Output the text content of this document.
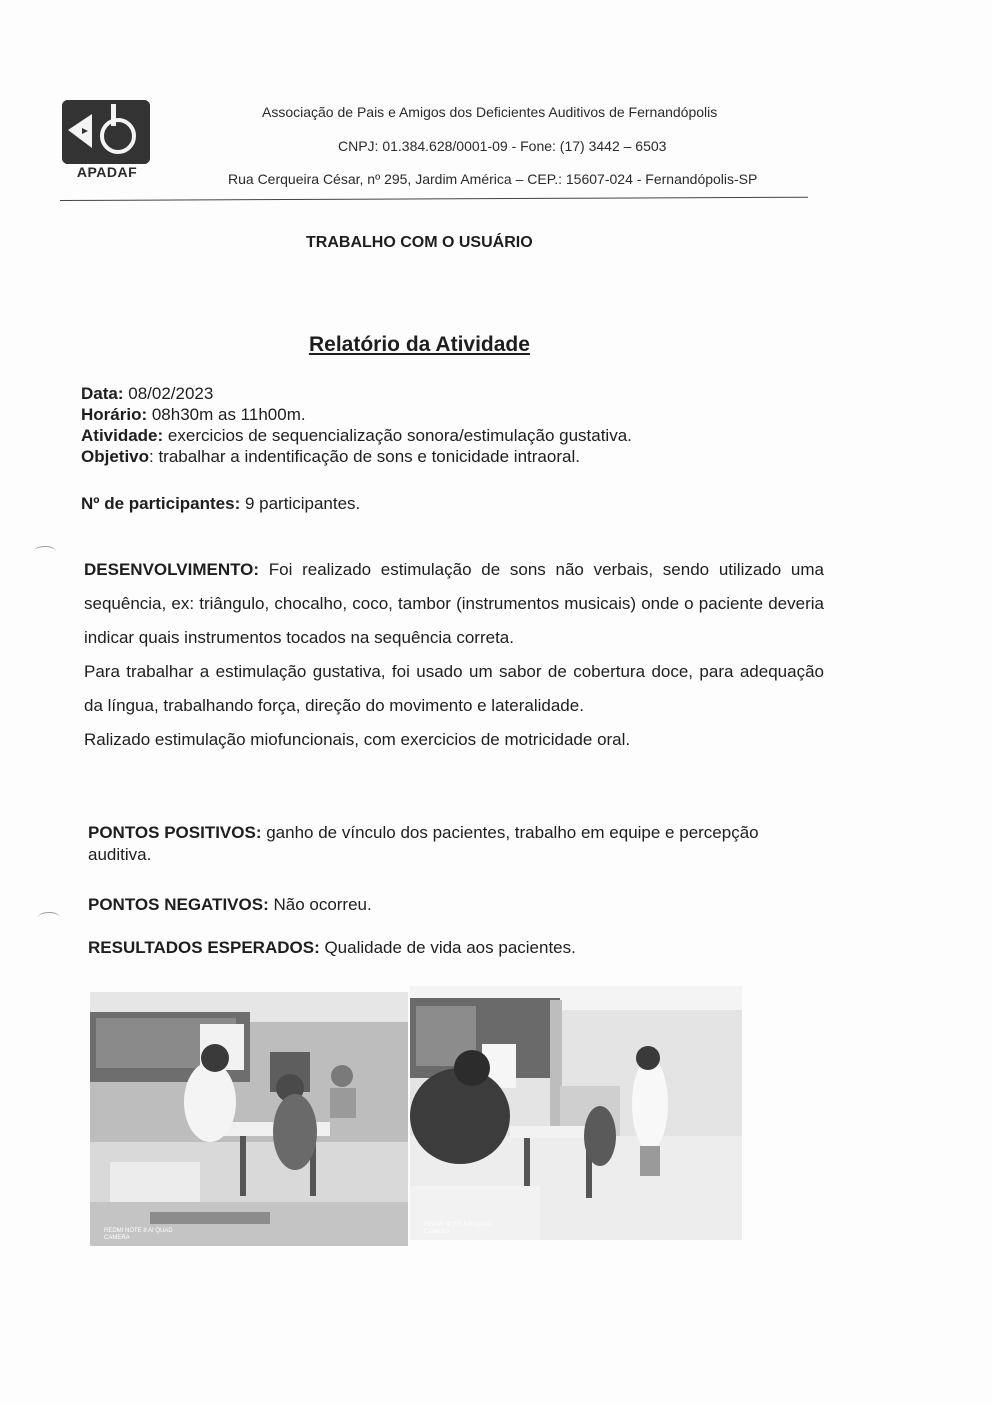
APADAF
Associação de Pais e Amigos dos Deficientes Auditivos de Fernandópolis
CNPJ: 01.384.628/0001-09 - Fone: (17) 3442 – 6503
Rua Cerqueira César, nº 295, Jardim América – CEP.: 15607-024 - Fernandópolis-SP
TRABALHO COM O USUÁRIO
Relatório da Atividade
Data: 08/02/2023
Horário: 08h30m as 11h00m.
Atividade: exercicios de sequencialização sonora/estimulação gustativa.
Objetivo: trabalhar a indentificação de sons e tonicidade intraoral.
Nº de participantes: 9 participantes.

DESENVOLVIMENTO: Foi realizado estimulação de sons não verbais, sendo utilizado uma sequência, ex: triângulo, chocalho, coco, tambor (instrumentos musicais) onde o paciente deveria indicar quais instrumentos tocados na sequência correta.

Para trabalhar a estimulação gustativa, foi usado um sabor de cobertura doce, para adequação da língua, trabalhando força, direção do movimento e lateralidade.

Ralizado estimulação miofuncionais, com exercicios de motricidade oral.

PONTOS POSITIVOS: ganho de vínculo dos pacientes, trabalho em equipe e percepção auditiva.
PONTOS NEGATIVOS: Não ocorreu.
RESULTADOS ESPERADOS: Qualidade de vida aos pacientes.
REDMI NOTE 8 AI QUAD CAMERA
REDMI NOTE 8 AI QUAD CAMERA
